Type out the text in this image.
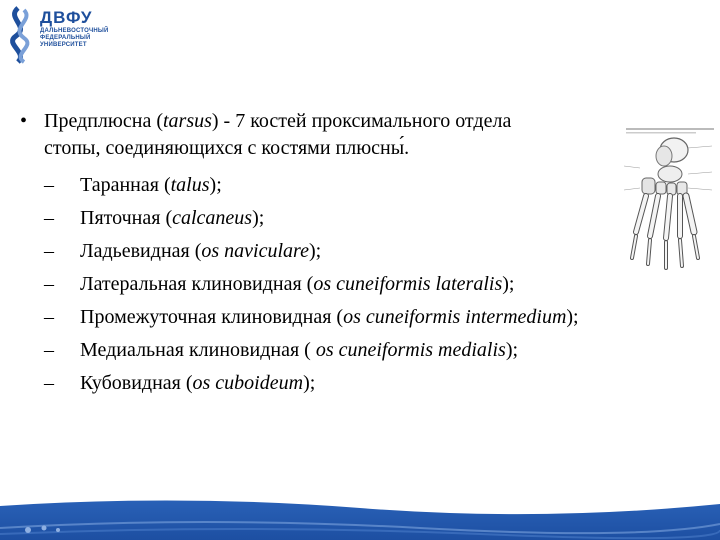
ДВФУ
ДАЛЬНЕВОСТОЧНЫЙ
ФЕДЕРАЛЬНЫЙ
УНИВЕРСИТЕТ
• Предплюсна (tarsus) - 7 костей проксимального отдела
стопы, соединяющихся с костями плюсны́.
– Таранная (talus);
– Пяточная (calcaneus);
– Ладьевидная (os naviculare);
– Латеральная клиновидная (os cuneiformis lateralis);
– Промежуточная клиновидная (os cuneiformis intermedium);
– Медиальная клиновидная ( os cuneiformis medialis);
– Кубовидная (os cuboideum);
